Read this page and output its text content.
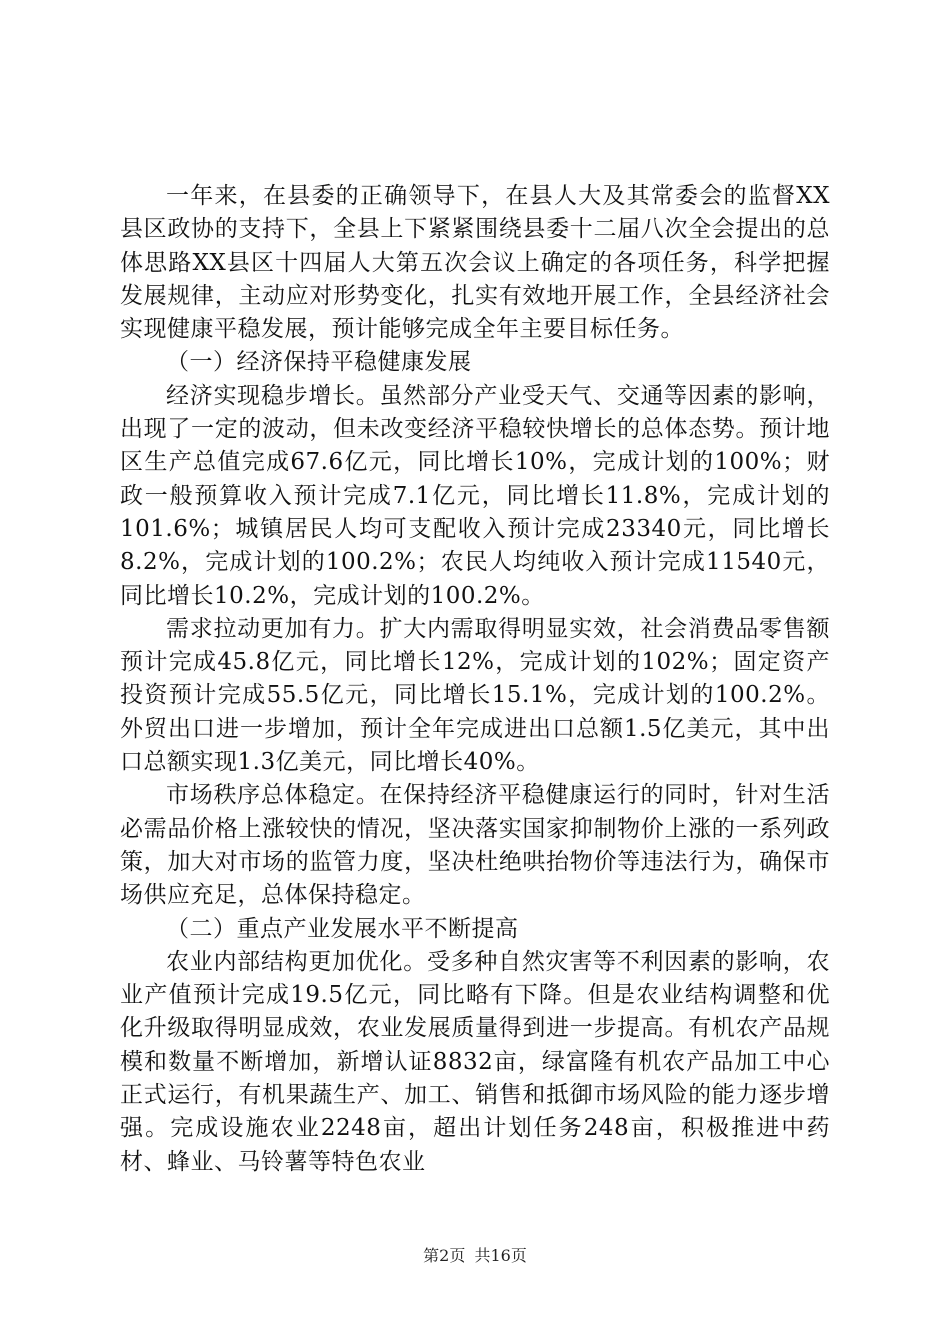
一年来，在县委的正确领导下，在县人大及其常委会的监督XX县区政协的支持下，全县上下紧紧围绕县委十二届八次全会提出的总体思路XX县区十四届人大第五次会议上确定的各项任务，科学把握发展规律，主动应对形势变化，扎实有效地开展工作，全县经济社会实现健康平稳发展，预计能够完成全年主要目标任务。

（一）经济保持平稳健康发展

经济实现稳步增长。虽然部分产业受天气、交通等因素的影响，出现了一定的波动，但未改变经济平稳较快增长的总体态势。预计地区生产总值完成67.6亿元，同比增长10%，完成计划的100%；财政一般预算收入预计完成7.1亿元，同比增长11.8%，完成计划的101.6%；城镇居民人均可支配收入预计完成23340元，同比增长8.2%，完成计划的100.2%；农民人均纯收入预计完成11540元，同比增长10.2%，完成计划的100.2%。

需求拉动更加有力。扩大内需取得明显实效，社会消费品零售额预计完成45.8亿元，同比增长12%，完成计划的102%；固定资产投资预计完成55.5亿元，同比增长15.1%，完成计划的100.2%。外贸出口进一步增加，预计全年完成进出口总额1.5亿美元，其中出口总额实现1.3亿美元，同比增长40%。

市场秩序总体稳定。在保持经济平稳健康运行的同时，针对生活必需品价格上涨较快的情况，坚决落实国家抑制物价上涨的一系列政策，加大对市场的监管力度，坚决杜绝哄抬物价等违法行为，确保市场供应充足，总体保持稳定。

（二）重点产业发展水平不断提高

农业内部结构更加优化。受多种自然灾害等不利因素的影响，农业产值预计完成19.5亿元，同比略有下降。但是农业结构调整和优化升级取得明显成效，农业发展质量得到进一步提高。有机农产品规模和数量不断增加，新增认证8832亩，绿富隆有机农产品加工中心正式运行，有机果蔬生产、加工、销售和抵御市场风险的能力逐步增强。完成设施农业2248亩，超出计划任务248亩，积极推进中药材、蜂业、马铃薯等特色农业

第2页 共16页
